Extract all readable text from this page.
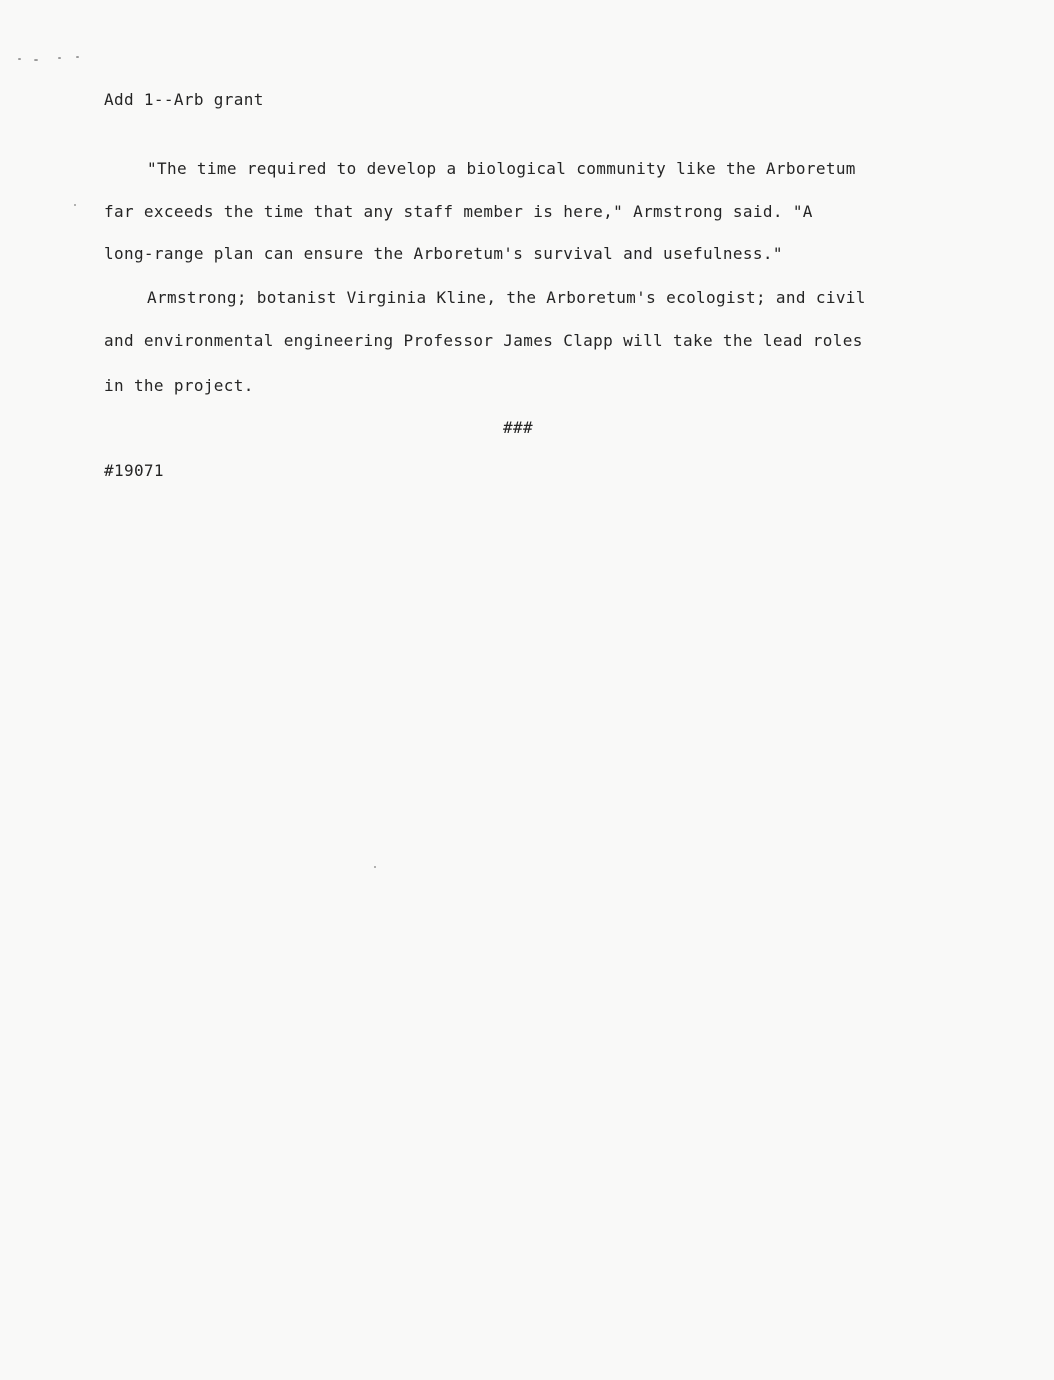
Add 1--Arb grant
"The time required to develop a biological community like the Arboretum
far exceeds the time that any staff member is here," Armstrong said. "A
long-range plan can ensure the Arboretum's survival and usefulness."
Armstrong; botanist Virginia Kline, the Arboretum's ecologist; and civil
and environmental engineering Professor James Clapp will take the lead roles
in the project.
###
#19071
